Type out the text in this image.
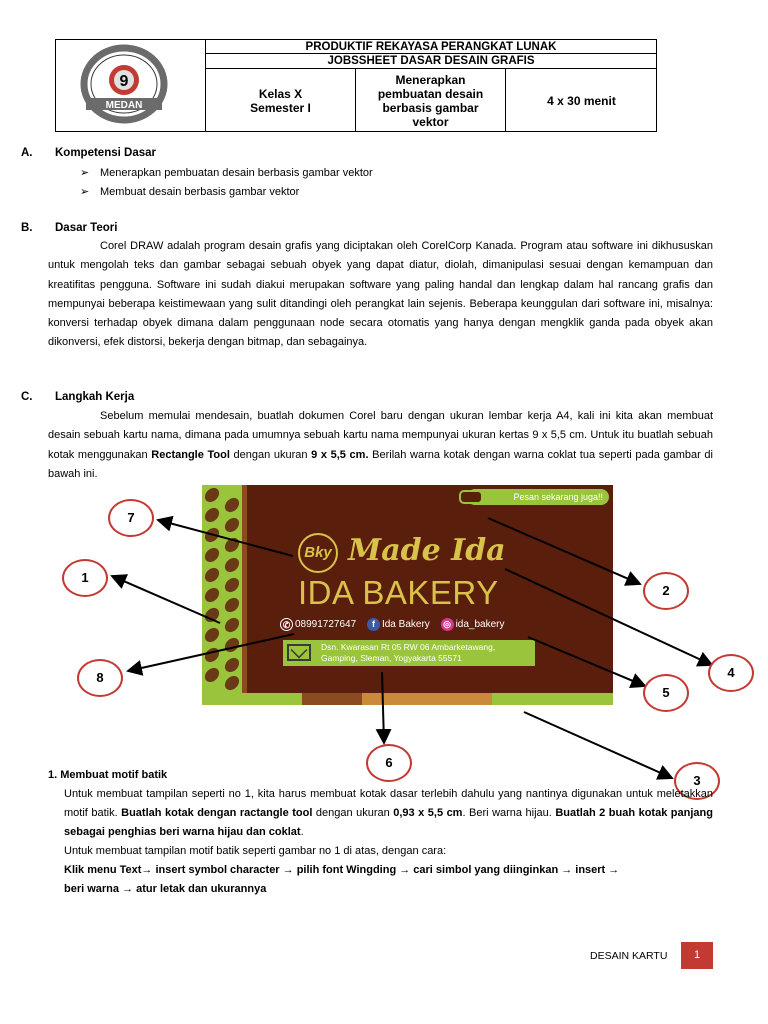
9
MEDAN
PRODUKTIF REKAYASA PERANGKAT LUNAK
JOBSSHEET DASAR DESAIN GRAFIS
Kelas X
Semester I
Menerapkan
pembuatan desain
berbasis gambar
vektor
4 x 30 menit
A. Kompetensi Dasar
➢ Menerapkan pembuatan desain berbasis gambar vektor
➢ Membuat desain berbasis gambar vektor
B. Dasar Teori
Corel DRAW adalah program desain grafis yang diciptakan oleh CorelCorp Kanada. Program atau software ini dikhususkan untuk mengolah teks dan gambar sebagai sebuah obyek yang dapat diatur, diolah, dimanipulasi sesuai dengan kemampuan dan kreatifitas pengguna. Software ini sudah diakui merupakan software yang paling handal dan lengkap dalam hal rancang grafis dan mempunyai beberapa keistimewaan yang sulit ditandingi oleh perangkat lain sejenis. Beberapa keunggulan dari software ini, misalnya: konversi terhadap obyek dimana dalam penggunaan node secara otomatis yang hanya dengan mengklik ganda pada obyek akan dikonversi, efek distorsi, bekerja dengan bitmap, dan sebagainya.
C. Langkah Kerja
Sebelum memulai mendesain, buatlah dokumen Corel baru dengan ukuran lembar kerja A4, kali ini kita akan membuat desain sebuah kartu nama, dimana pada umumnya sebuah kartu nama mempunyai ukuran kertas 9 x 5,5 cm. Untuk itu buatlah sebuah kotak menggunakan Rectangle Tool dengan ukuran 9 x 5,5 cm. Berilah warna kotak dengan warna coklat tua seperti pada gambar di bawah ini.
Pesan sekarang juga!!
Bky Made Ida
IDA BAKERY
✆ 08991727647 f Ida Bakery ◎ ida_bakery
Dsn. Kwarasan Rt 05 RW 06 Ambarketawang,
Gamping, Sleman, Yogyakarta 55571
7
1
2
8	4
5
6
3
1. Membuat motif batik
Untuk membuat tampilan seperti no 1, kita harus membuat kotak dasar terlebih dahulu yang nantinya digunakan untuk meletakkan motif batik. Buatlah kotak dengan ractangle tool dengan ukuran 0,93 x 5,5 cm. Beri warna hijau. Buatlah 2 buah kotak panjang sebagai penghias beri warna hijau dan coklat.
Untuk membuat tampilan motif batik seperti gambar no 1 di atas, dengan cara:
Klik menu Text→ insert symbol character → pilih font Wingding → cari simbol yang diinginkan → insert →
beri warna → atur letak dan ukurannya
DESAIN KARTU	1
